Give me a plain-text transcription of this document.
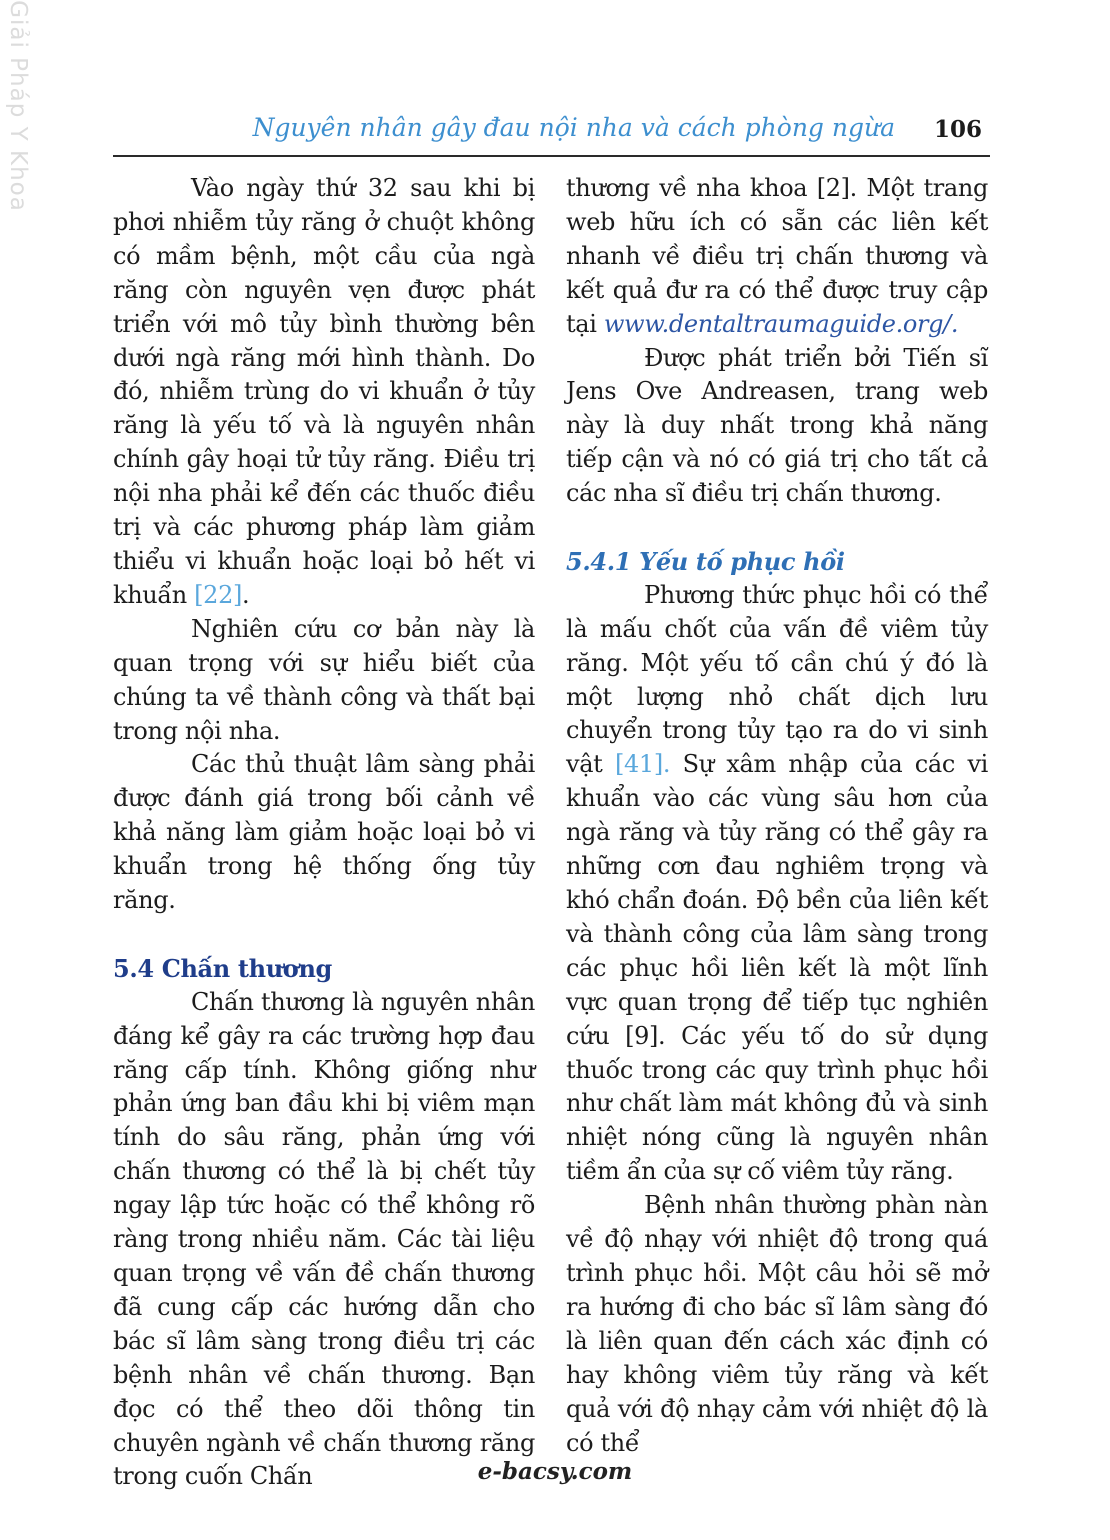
Giải Pháp Y Khoa	Nguyên nhân gây đau nội nha và cách phòng ngừa 106

Vào ngày thứ 32 sau khi bị phơi nhiễm tủy răng ở chuột không có mầm bệnh, một cầu của ngà răng còn nguyên vẹn được phát triển với mô tủy bình thường bên dưới ngà răng mới hình thành. Do đó, nhiễm trùng do vi khuẩn ở tủy răng là yếu tố và là nguyên nhân chính gây hoại tử tủy răng. Điều trị nội nha phải kể đến các thuốc điều trị và các phương pháp làm giảm thiểu vi khuẩn hoặc loại bỏ hết vi khuẩn [22].

Nghiên cứu cơ bản này là quan trọng với sự hiểu biết của chúng ta về thành công và thất bại trong nội nha.

Các thủ thuật lâm sàng phải được đánh giá trong bối cảnh về khả năng làm giảm hoặc loại bỏ vi khuẩn trong hệ thống ống tủy răng.

5.4 Chấn thương

Chấn thương là nguyên nhân đáng kể gây ra các trường hợp đau răng cấp tính. Không giống như phản ứng ban đầu khi bị viêm mạn tính do sâu răng, phản ứng với chấn thương có thể là bị chết tủy ngay lập tức hoặc có thể không rõ ràng trong nhiều năm. Các tài liệu quan trọng về vấn đề chấn thương đã cung cấp các hướng dẫn cho bác sĩ lâm sàng trong điều trị các bệnh nhân về chấn thương. Bạn đọc có thể theo dõi thông tin chuyên ngành về chấn thương răng trong cuốn Chấn

thương về nha khoa [2]. Một trang web hữu ích có sẵn các liên kết nhanh về điều trị chấn thương và kết quả đư ra có thể được truy cập tại www.dentaltraumaguide.org/.

Được phát triển bởi Tiến sĩ Jens Ove Andreasen, trang web này là duy nhất trong khả năng tiếp cận và nó có giá trị cho tất cả các nha sĩ điều trị chấn thương.

5.4.1 Yếu tố phục hồi

Phương thức phục hồi có thể là mấu chốt của vấn đề viêm tủy răng. Một yếu tố cần chú ý đó là một lượng nhỏ chất dịch lưu chuyển trong tủy tạo ra do vi sinh vật [41]. Sự xâm nhập của các vi khuẩn vào các vùng sâu hơn của ngà răng và tủy răng có thể gây ra những cơn đau nghiêm trọng và khó chẩn đoán. Độ bền của liên kết và thành công của lâm sàng trong các phục hồi liên kết là một lĩnh vực quan trọng để tiếp tục nghiên cứu [9]. Các yếu tố do sử dụng thuốc trong các quy trình phục hồi như chất làm mát không đủ và sinh nhiệt nóng cũng là nguyên nhân tiềm ẩn của sự cố viêm tủy răng.

Bệnh nhân thường phàn nàn về độ nhạy với nhiệt độ trong quá trình phục hồi. Một câu hỏi sẽ mở ra hướng đi cho bác sĩ lâm sàng đó là liên quan đến cách xác định có hay không viêm tủy răng và kết quả với độ nhạy cảm với nhiệt độ là có thể

e-bacsy.com
